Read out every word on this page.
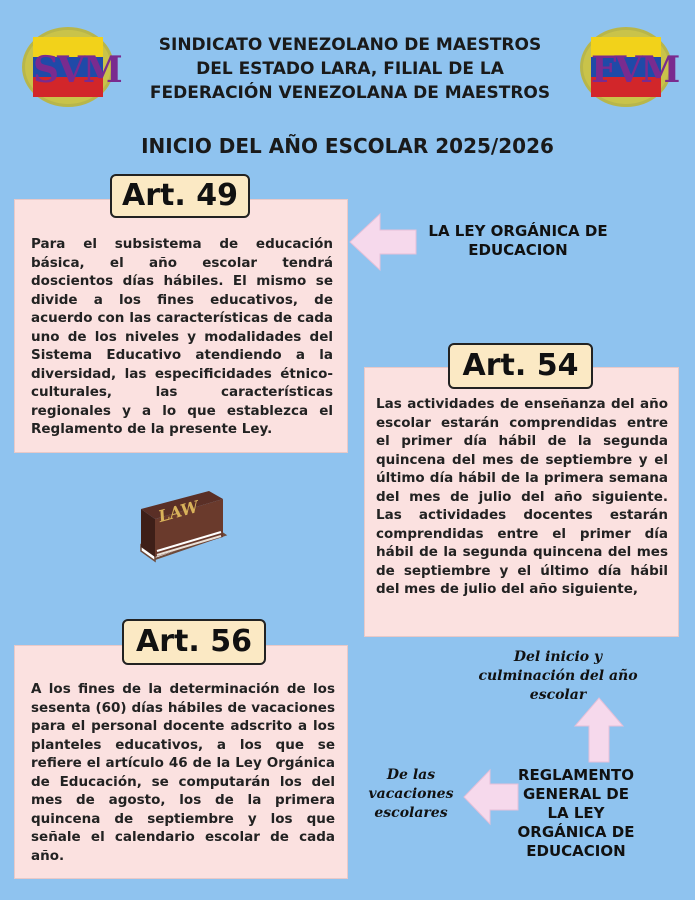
SVM	FVM
SINDICATO VENEZOLANO DE MAESTROS
DEL ESTADO LARA, FILIAL DE LA
FEDERACIÓN VENEZOLANA DE MAESTROS
INICIO DEL AÑO ESCOLAR 2025/2026
Para el subsistema de educación básica, el año escolar tendrá doscientos días hábiles. El mismo se divide a los fines educativos, de acuerdo con las características de cada uno de los niveles y modalidades del Sistema Educativo atendiendo a la diversidad, las especificidades étnico-culturales, las características regionales y a lo que establezca el Reglamento de la presente Ley.
Art. 49
LA LEY ORGÁNICA DE EDUCACION
Las actividades de enseñanza del año escolar estarán comprendidas entre el primer día hábil de la segunda quincena del mes de septiembre y el último día hábil de la primera semana del mes de julio del año siguiente. Las actividades docentes estarán comprendidas entre el primer día hábil de la segunda quincena del mes de septiembre y el último día hábil del mes de julio del año siguiente,
Art. 54
LAW
A los fines de la determinación de los sesenta (60) días hábiles de vacaciones para el personal docente adscrito a los planteles educativos, a los que se refiere el artículo 46 de la Ley Orgánica de Educación, se computarán los del mes de agosto, los de la primera quincena de septiembre y los que señale el calendario escolar de cada año.
Art. 56	Del inicio y culminación del año escolar
De las vacaciones escolares
REGLAMENTO GENERAL DE LA LEY ORGÁNICA DE EDUCACION
